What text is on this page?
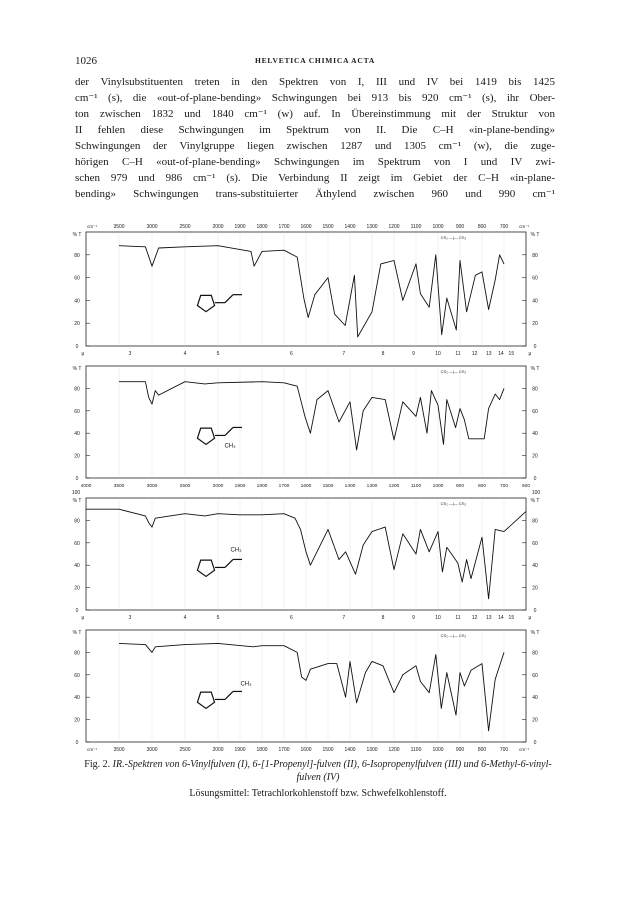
1026	HELVETICA CHIMICA ACTA

der Vinylsubstituenten treten in den Spektren von I, III und IV bei 1419 bis 1425

cm⁻¹ (s), die «out-of-plane-bending» Schwingungen bei 913 bis 920 cm⁻¹ (s), ihr Ober-

ton zwischen 1832 und 1840 cm⁻¹ (w) auf. In Übereinstimmung mit der Struktur von

II fehlen diese Schwingungen im Spektrum von II. Die C–H «in-plane-bending»

Schwingungen der Vinylgruppe liegen zwischen 1287 und 1305 cm⁻¹ (w), die zuge-

hörigen C–H «out-of-plane-bending» Schwingungen im Spektrum von I und IV zwi-

schen 979 und 986 cm⁻¹ (s). Die Verbindung II zeigt im Gebiet der C–H «in-plane-

bending» Schwingungen trans-substituierter Äthylend zwischen 960 und 990 cm⁻¹

cm⁻¹	3500	3000	2500	2000 1900 1800 1700 1600 1500 1400 1300 1200 1100 1000 900	800	700 cm⁻¹
80	80
60	60
40	40
20	20
0	0
% T	% T
CS₂ —|— CS₂
μ	3	4	5	6	7	8	9	10	11 12 13 14 15	μ
80	80
60	60
40	40
20	20
0	0
% T	% T
CS₂ —|— CS₂
CH₃
4000	3500	3000	2500	2000 1900 1800 1700 1600 1500 1400 1300 1200 1100 1000	900	800	700	600
100	100
80	80
60	60
40	40
20	20
0	0
% T	% T
CS₂ —|— CS₂
CH₃
μ	3	4	5	6	7	8	9	10	11 12 13 14 15	μ
80	80
60	60
40	40
20	20
0	0
% T	% T
CS₂ —|— CS₂
CH₃
cm⁻¹	3500	3000	2500	2000 1900 1800 1700 1600 1500 1400 1300 1200 1100 1000 900	800	700 cm⁻¹
Fig. 2. IR.-Spektren von 6-Vinylfulven (I), 6-[1-Propenyl]-fulven (II), 6-Isopropenylfulven (III) und 6-Methyl-6-vinyl-fulven (IV)
Lösungsmittel: Tetrachlorkohlenstoff bzw. Schwefelkohlenstoff.
